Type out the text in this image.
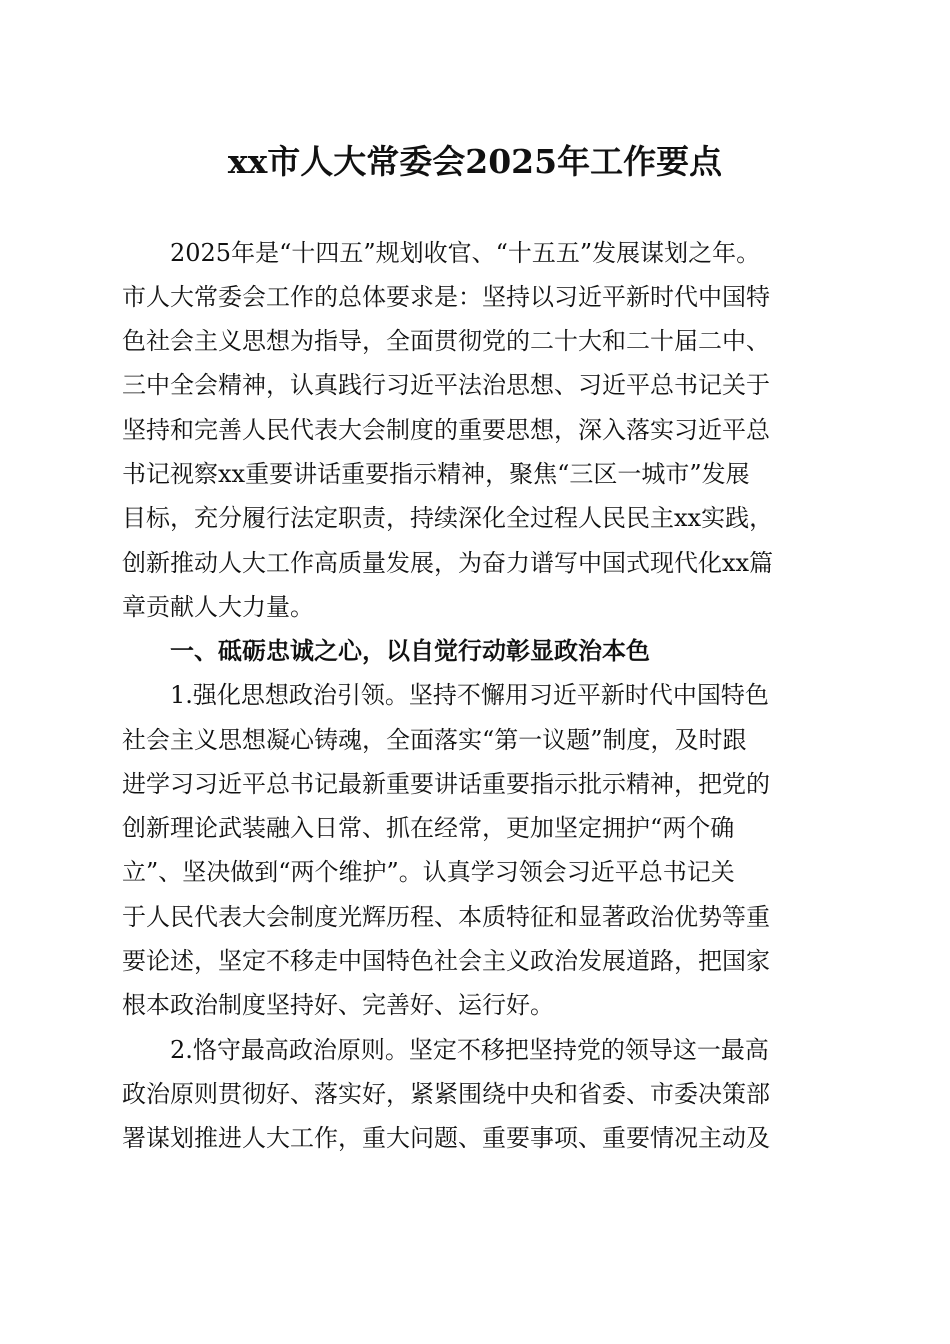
xx市人大常委会2025年工作要点
2025年是“十四五”规划收官、“十五五”发展谋划之年。
市人大常委会工作的总体要求是：坚持以习近平新时代中国特
色社会主义思想为指导，全面贯彻党的二十大和二十届二中、
三中全会精神，认真践行习近平法治思想、习近平总书记关于
坚持和完善人民代表大会制度的重要思想，深入落实习近平总
书记视察xx重要讲话重要指示精神，聚焦“三区一城市”发展
目标，充分履行法定职责，持续深化全过程人民民主xx实践，
创新推动人大工作高质量发展，为奋力谱写中国式现代化xx篇
章贡献人大力量。
一、砥砺忠诚之心，以自觉行动彰显政治本色
1.强化思想政治引领。坚持不懈用习近平新时代中国特色
社会主义思想凝心铸魂，全面落实“第一议题”制度，及时跟
进学习习近平总书记最新重要讲话重要指示批示精神，把党的
创新理论武装融入日常、抓在经常，更加坚定拥护“两个确
立”、坚决做到“两个维护”。认真学习领会习近平总书记关
于人民代表大会制度光辉历程、本质特征和显著政治优势等重
要论述，坚定不移走中国特色社会主义政治发展道路，把国家
根本政治制度坚持好、完善好、运行好。
2.恪守最高政治原则。坚定不移把坚持党的领导这一最高
政治原则贯彻好、落实好，紧紧围绕中央和省委、市委决策部
署谋划推进人大工作，重大问题、重要事项、重要情况主动及
